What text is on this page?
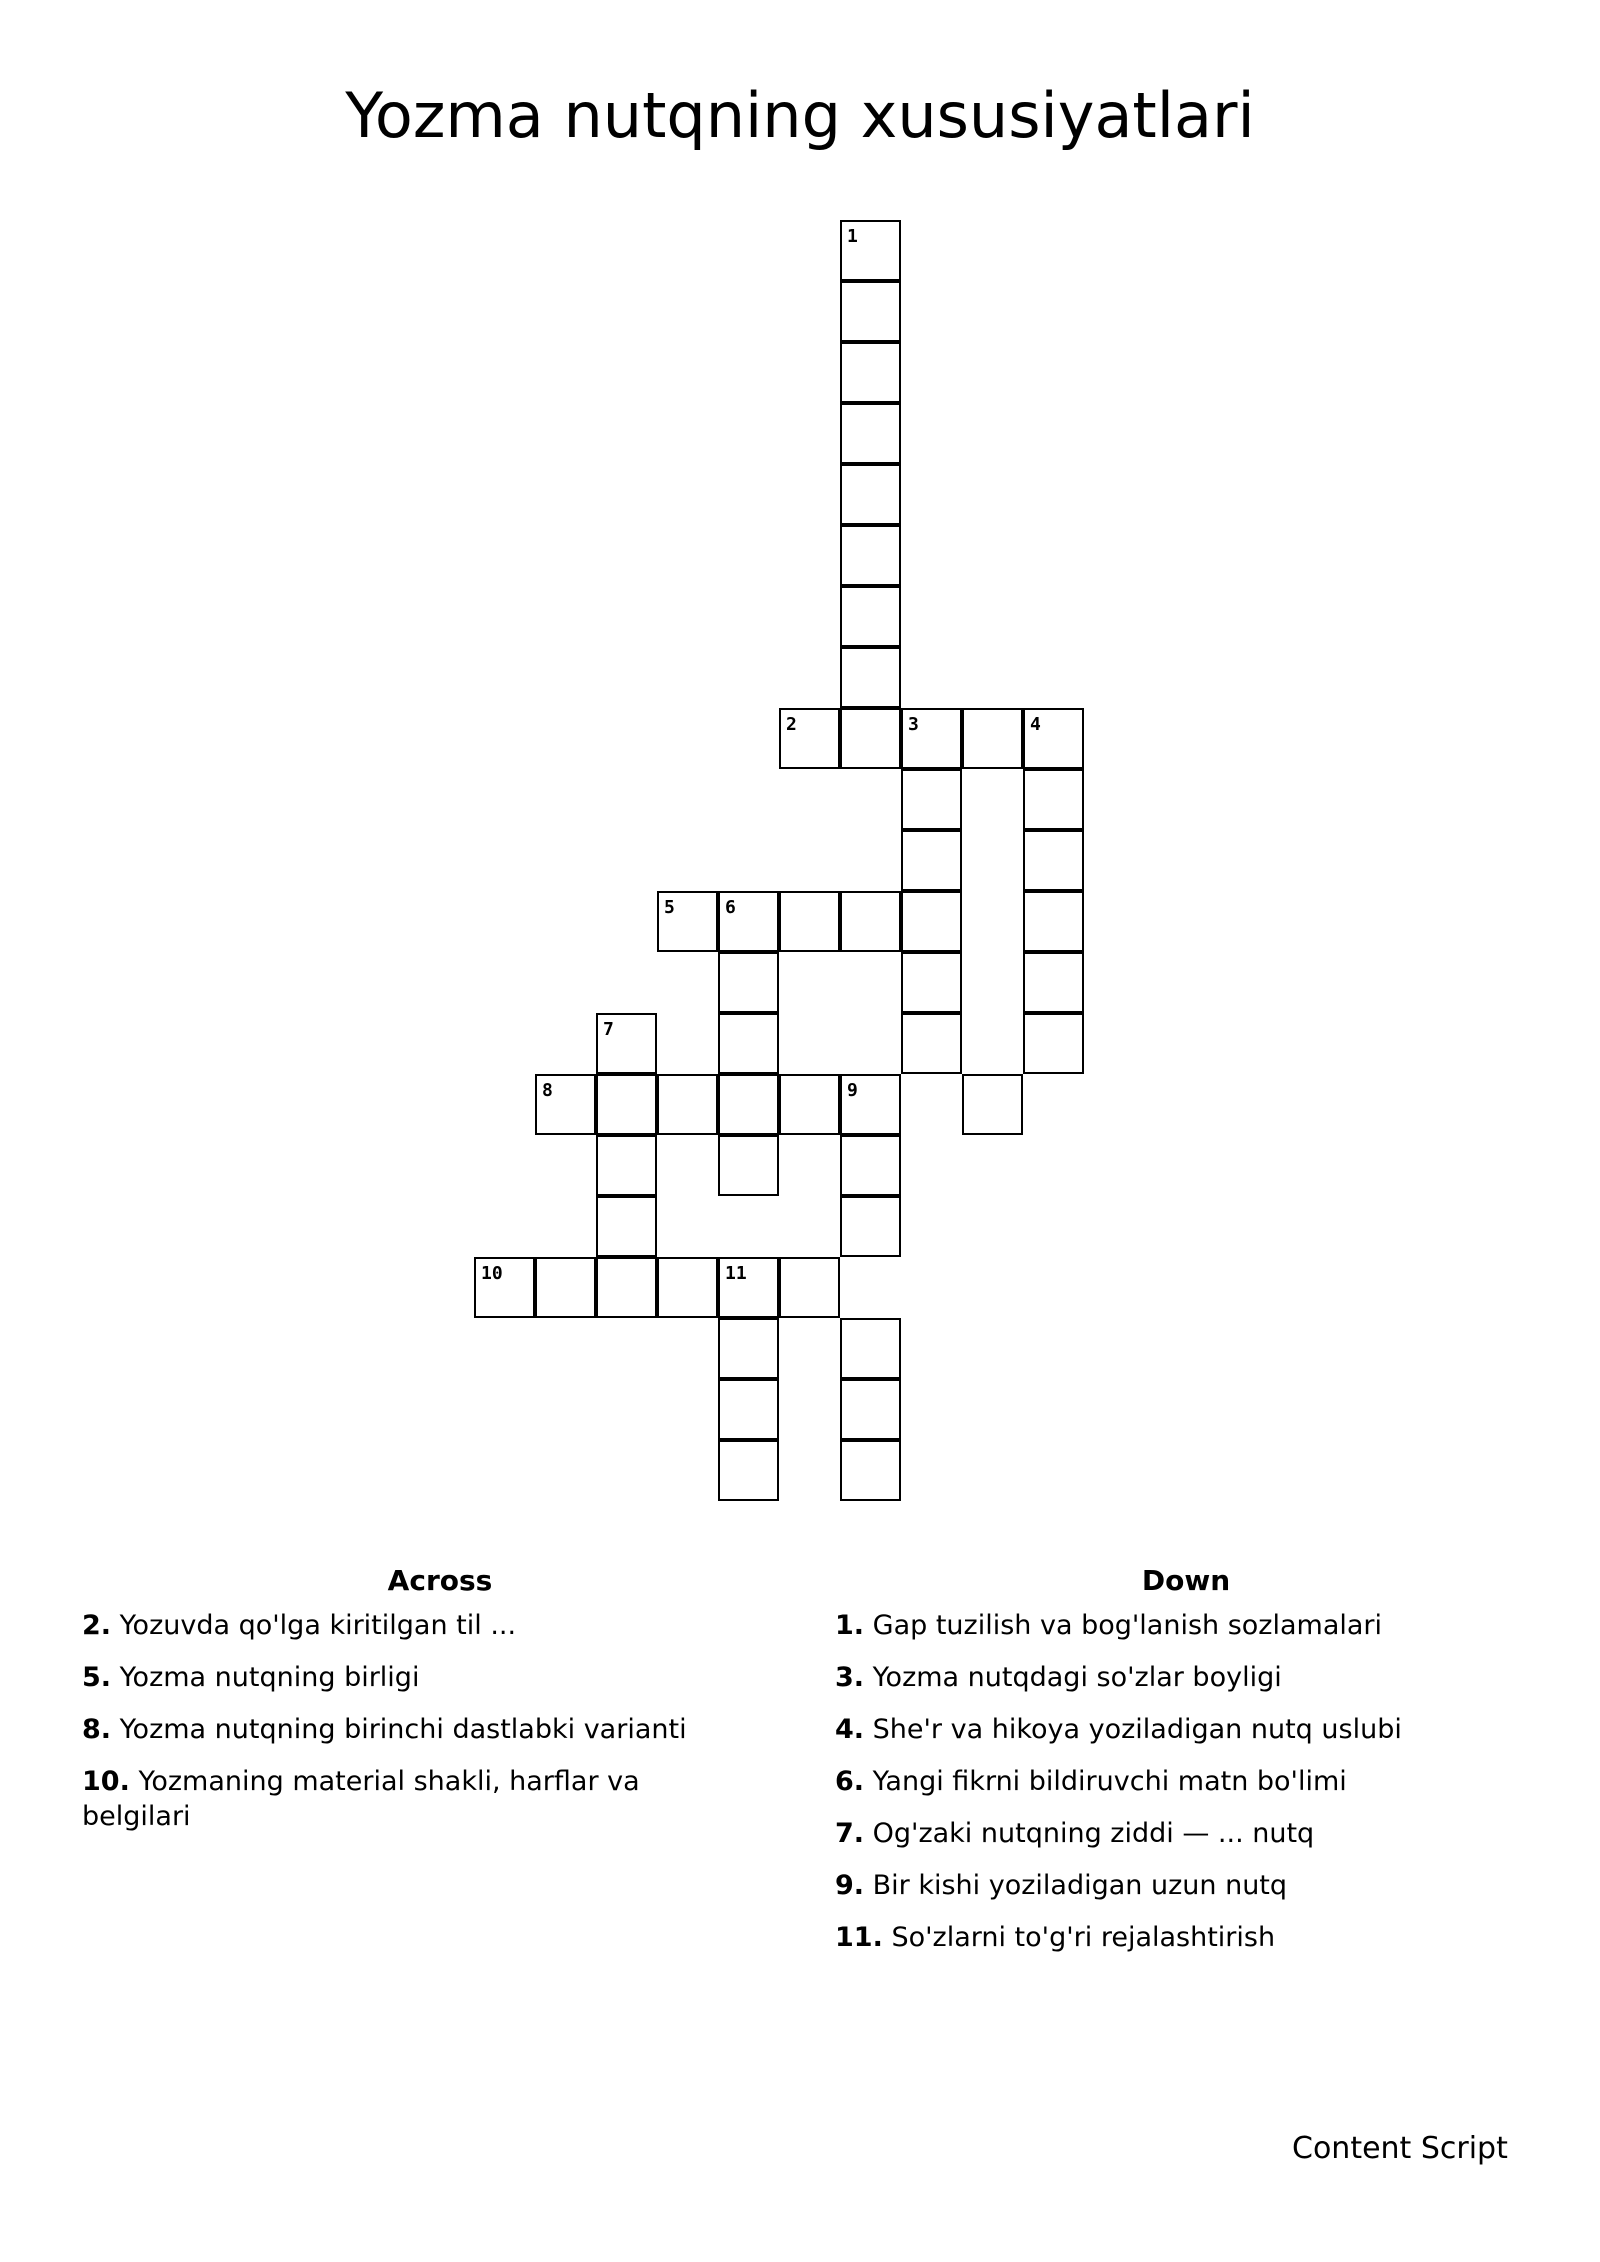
Yozma nutqning xususiyatlari
1
2	3	4
5	6
7
8	9
10	11
Across	Down
2. Yozuvda qo'lga kiritilgan til ...
5. Yozma nutqning birligi
8. Yozma nutqning birinchi dastlabki varianti
10. Yozmaning material shakli, harflar va belgilari
1. Gap tuzilish va bog'lanish sozlamalari
3. Yozma nutqdagi so'zlar boyligi
4. She'r va hikoya yoziladigan nutq uslubi
6. Yangi fikrni bildiruvchi matn bo'limi
7. Og'zaki nutqning ziddi — ... nutq
9. Bir kishi yoziladigan uzun nutq
11. So'zlarni to'g'ri rejalashtirish
Content Script
